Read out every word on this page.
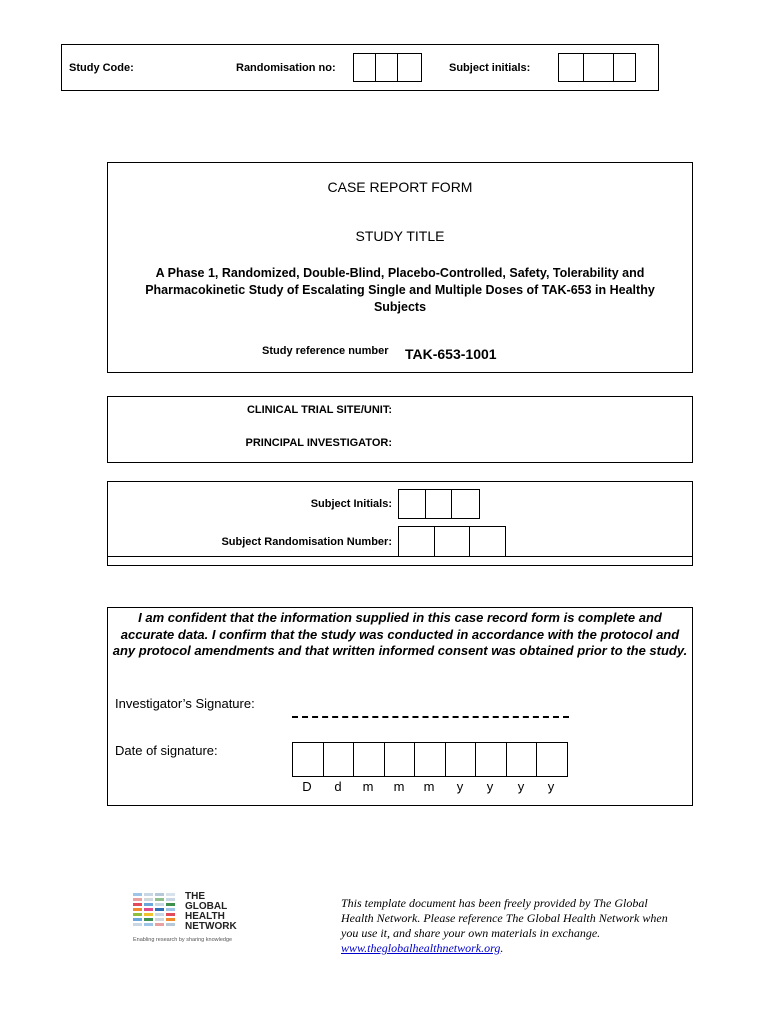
Study Code:	Randomisation no:	Subject initials:
CASE REPORT FORM
STUDY TITLE
A Phase 1, Randomized, Double-Blind, Placebo-Controlled, Safety, Tolerability and Pharmacokinetic Study of Escalating Single and Multiple Doses of TAK-653 in Healthy Subjects
Study reference number TAK-653-1001
CLINICAL TRIAL SITE/UNIT:
PRINCIPAL INVESTIGATOR:
Subject Initials:
Subject Randomisation Number:
I am confident that the information supplied in this case record form is complete and accurate data. I confirm that the study was conducted in accordance with the protocol and any protocol amendments and that written informed consent was obtained prior to the study.
Investigator’s Signature:
Date of signature:
D	d	m	m	m	y	y	y	y
THE
GLOBAL
HEALTH
NETWORK
Enabling research by sharing knowledge
This template document has been freely provided by The Global Health Network. Please reference The Global Health Network when you use it, and share your own materials in exchange. www.theglobalhealthnetwork.org.
